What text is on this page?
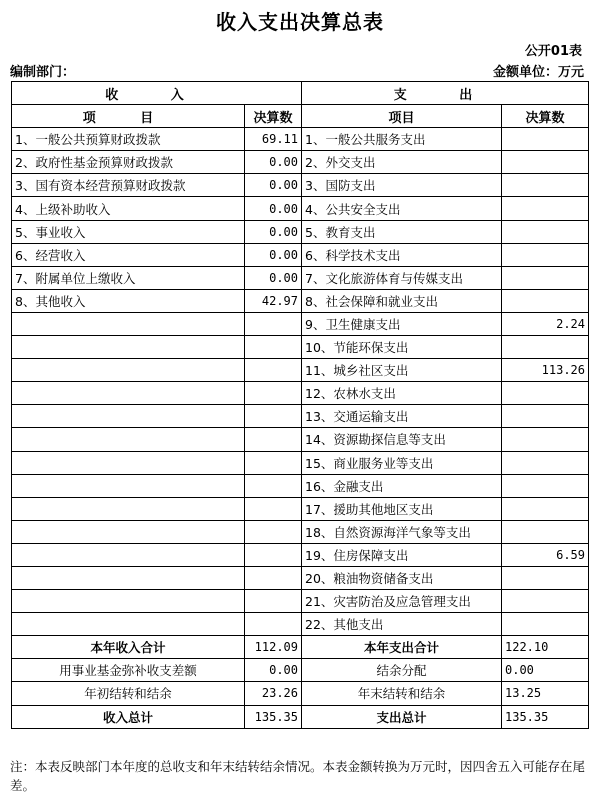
收入支出决算总表
公开01表
编制部门：	金额单位：万元
收 入		支 出	
项 目	决算数	项目	决算数
1、一般公共预算财政拨款	69.11	1、一般公共服务支出	
2、政府性基金预算财政拨款	0.00	2、外交支出	
3、国有资本经营预算财政拨款	0.00	3、国防支出	
4、上级补助收入	0.00	4、公共安全支出	
5、事业收入	0.00	5、教育支出	
6、经营收入	0.00	6、科学技术支出	
7、附属单位上缴收入	0.00	7、文化旅游体育与传媒支出	
8、其他收入	42.97	8、社会保障和就业支出	
		9、卫生健康支出	2.24
		10、节能环保支出	
		11、城乡社区支出	113.26
		12、农林水支出	
		13、交通运输支出	
		14、资源勘探信息等支出	
		15、商业服务业等支出	
		16、金融支出	
		17、援助其他地区支出	
		18、自然资源海洋气象等支出	
		19、住房保障支出	6.59
		20、粮油物资储备支出	
		21、灾害防治及应急管理支出	
		22、其他支出	
本年收入合计	112.09	本年支出合计	122.10
用事业基金弥补收支差额	0.00	结余分配	0.00
年初结转和结余	23.26	年末结转和结余	13.25
收入总计	135.35	支出总计	135.35
注：本表反映部门本年度的总收支和年末结转结余情况。本表金额转换为万元时，因四舍五入可能存在尾差。
